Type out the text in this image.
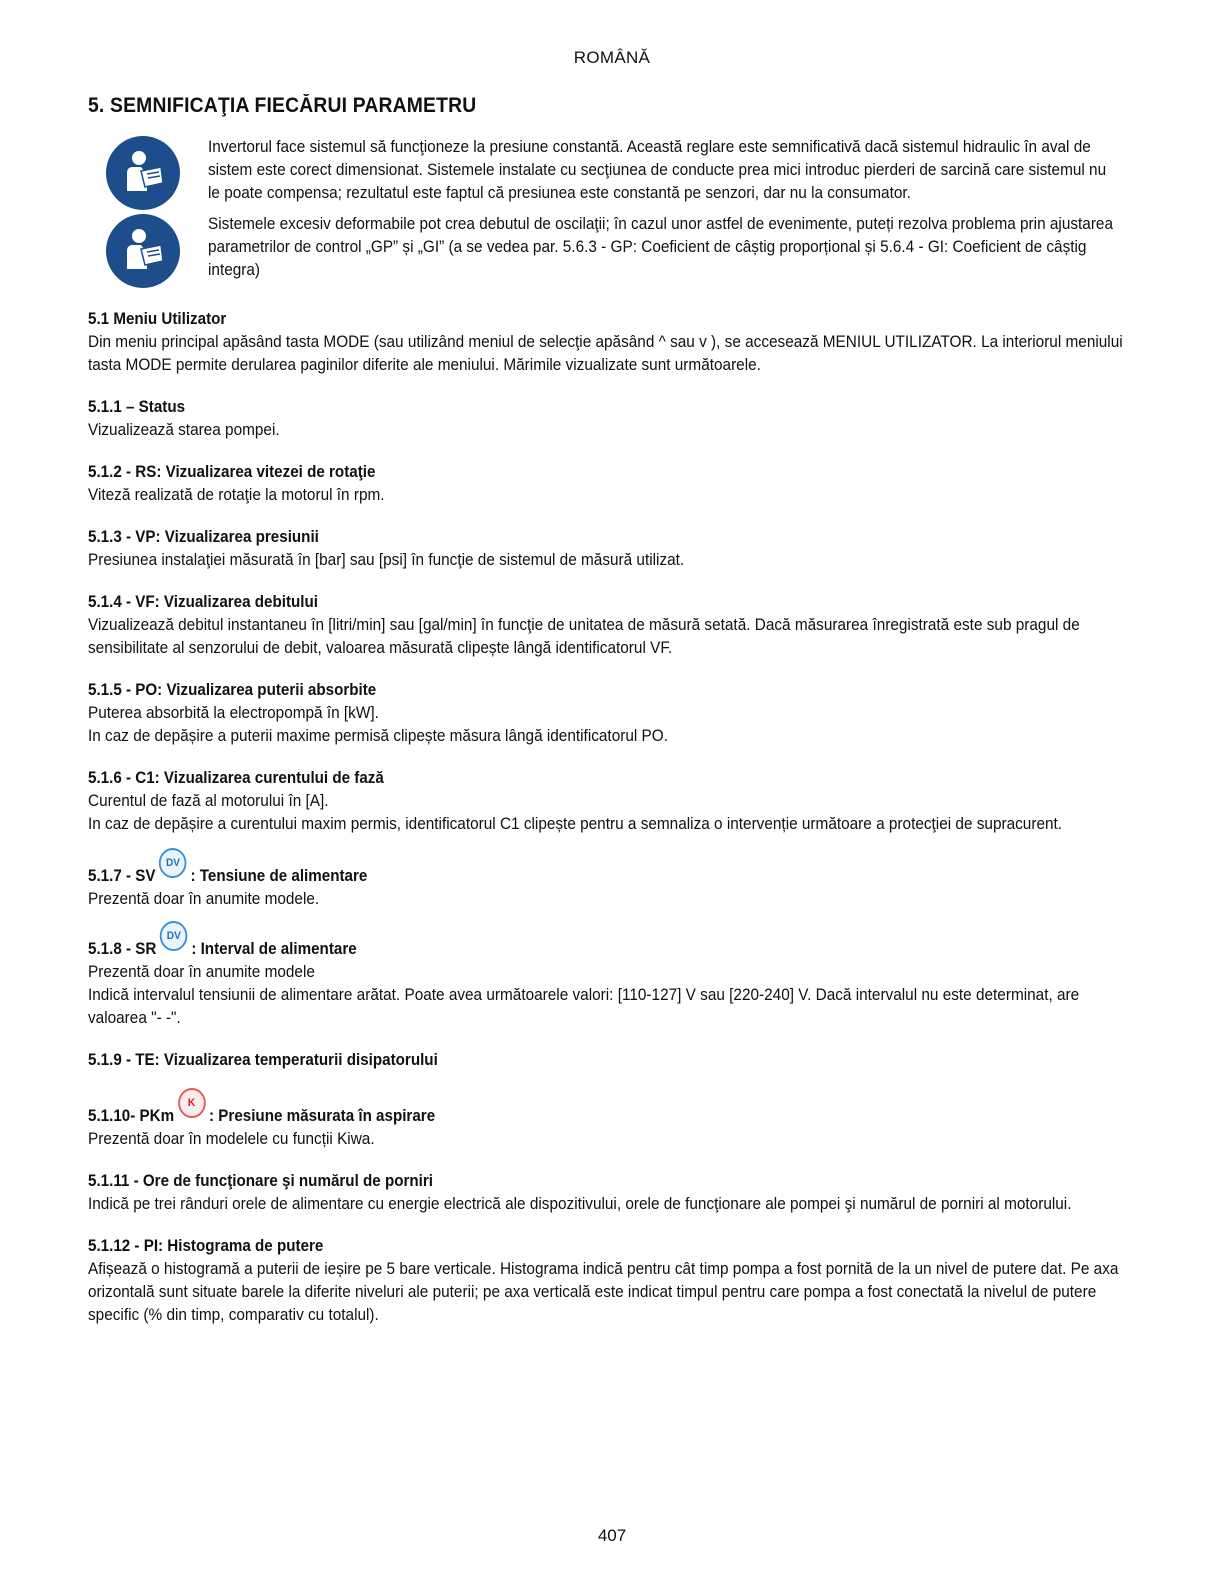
ROMÂNĂ
5. SEMNIFICAŢIA FIECĂRUI PARAMETRU

Invertorul face sistemul să funcţioneze la presiune constantă. Această reglare este semnificativă dacă sistemul hidraulic în aval de sistem este corect dimensionat. Sistemele instalate cu secţiunea de conducte prea mici introduc pierderi de sarcină care sistemul nu le poate compensa; rezultatul este faptul că presiunea este constantă pe senzori, dar nu la consumator.

Sistemele excesiv deformabile pot crea debutul de oscilaţii; în cazul unor astfel de evenimente, puteți rezolva problema prin ajustarea parametrilor de control „GP” și „GI” (a se vedea par. 5.6.3 - GP: Coeficient de câștig proporțional și 5.6.4 - GI: Coeficient de câștig integra)

5.1 Meniu Utilizator

Din meniu principal apăsând tasta MODE (sau utilizând meniul de selecţie apăsând ^ sau v ), se accesează MENIUL UTILIZATOR. La interiorul meniului tasta MODE permite derularea paginilor diferite ale meniului. Mărimile vizualizate sunt următoarele.

5.1.1 – Status

Vizualizează starea pompei.

5.1.2 - RS: Vizualizarea vitezei de rotaţie

Viteză realizată de rotaţie la motorul în rpm.

5.1.3 - VP: Vizualizarea presiunii

Presiunea instalaţiei măsurată în [bar] sau [psi] în funcţie de sistemul de măsură utilizat.

5.1.4 - VF: Vizualizarea debitului

Vizualizează debitul instantaneu în [litri/min] sau [gal/min] în funcţie de unitatea de măsură setată. Dacă măsurarea înregistrată este sub pragul de sensibilitate al senzorului de debit, valoarea măsurată clipește lângă identificatorul VF.

5.1.5 - PO: Vizualizarea puterii absorbite

Puterea absorbită la electropompă în [kW].

In caz de depășire a puterii maxime permisă clipește măsura lângă identificatorul PO.

5.1.6 - C1: Vizualizarea curentului de fază

Curentul de fază al motorului în [A].

In caz de depășire a curentului maxim permis, identificatorul C1 clipește pentru a semnaliza o intervenție următoare a protecţiei de supracurent.

5.1.7 - SV
DV
: Tensiune de alimentare

Prezentă doar în anumite modele.

5.1.8 - SR
DV
: Interval de alimentare

Prezentă doar în anumite modele

Indică intervalul tensiunii de alimentare arătat. Poate avea următoarele valori: [110-127] V sau [220-240] V. Dacă intervalul nu este determinat, are valoarea "- -".

5.1.9 - TE: Vizualizarea temperaturii disipatorului
5.1.10- PKm
K
: Presiune măsurata în aspirare

Prezentă doar în modelele cu funcții Kiwa.

5.1.11 - Ore de funcţionare şi numărul de porniri

Indică pe trei rânduri orele de alimentare cu energie electrică ale dispozitivului, orele de funcţionare ale pompei şi numărul de porniri al motorului.

5.1.12 - PI: Histograma de putere

Afișează o histogramă a puterii de ieșire pe 5 bare verticale. Histograma indică pentru cât timp pompa a fost pornită de la un nivel de putere dat. Pe axa orizontală sunt situate barele la diferite niveluri ale puterii; pe axa verticală este indicat timpul pentru care pompa a fost conectată la nivelul de putere specific (% din timp, comparativ cu totalul).

407
